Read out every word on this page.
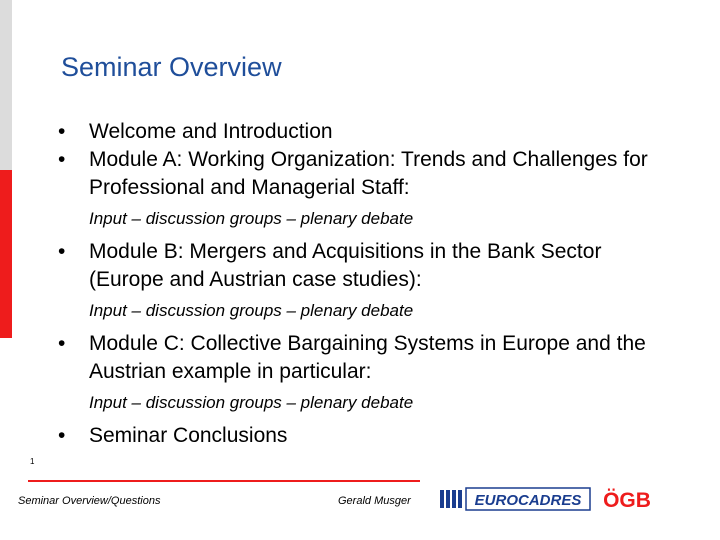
Seminar Overview
• Welcome and Introduction
• Module A: Working Organization: Trends and Challenges for Professional and Managerial Staff:
Input – discussion groups – plenary debate
• Module B: Mergers and Acquisitions in the Bank Sector (Europe and Austrian case studies):
Input – discussion groups – plenary debate
• Module C: Collective Bargaining Systems in Europe and the Austrian example in particular:
Input – discussion groups – plenary debate
• Seminar Conclusions
1
Seminar Overview/Questions	Gerald Musger	EUROCADRES ÖGB
